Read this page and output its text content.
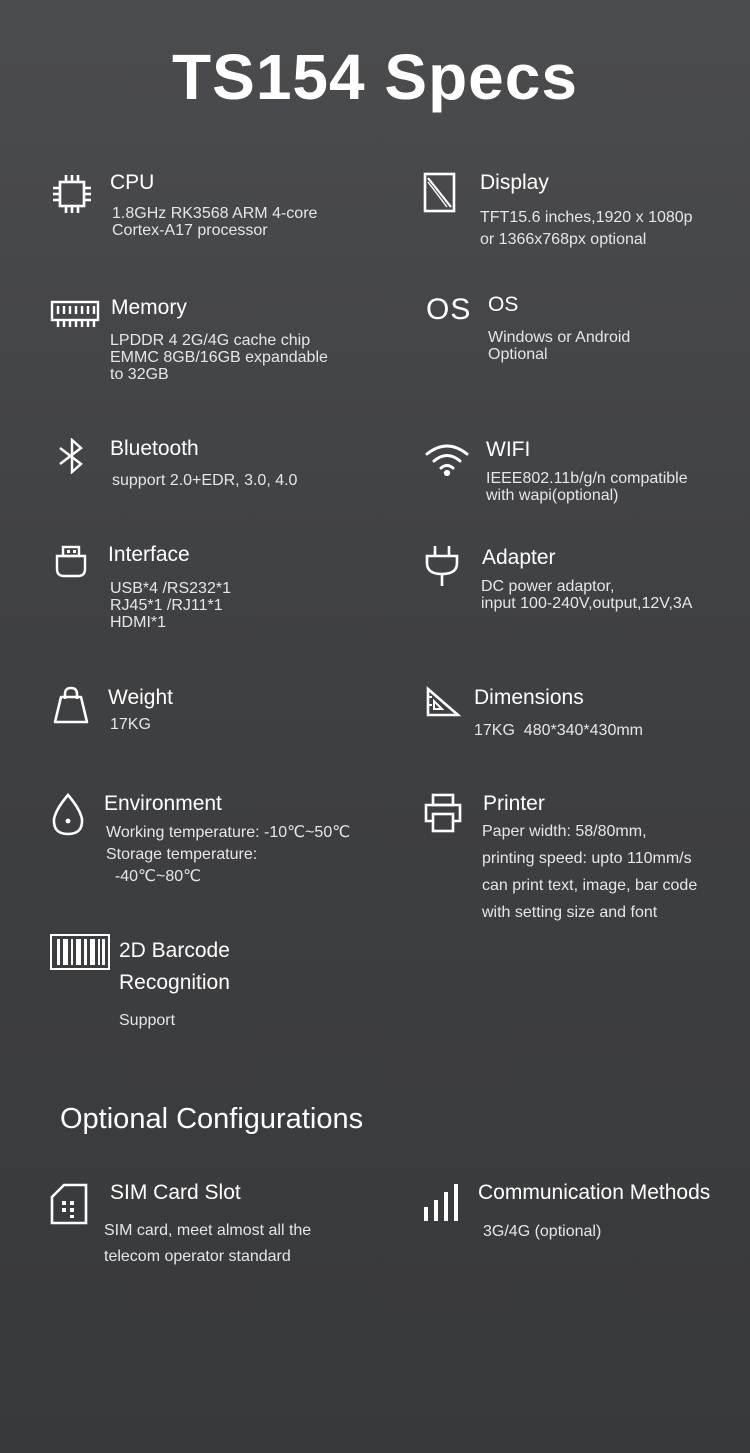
TS154 Specs
CPU
1.8GHz RK3568 ARM 4-core
Cortex-A17 processor
Display
TFT15.6 inches,1920 x 1080p
or 1366x768px optional
Memory
LPDDR 4 2G/4G cache chip
EMMC 8GB/16GB expandable
to 32GB
OS OS
Windows or Android
Optional
Bluetooth
support 2.0+EDR, 3.0, 4.0
WIFI
IEEE802.11b/g/n compatible
with wapi(optional)
Interface
USB*4 /RS232*1
RJ45*1 /RJ11*1
HDMI*1
Adapter
DC power adaptor,
input 100-240V,output,12V,3A
Weight
17KG
Dimensions
17KG  480*340*430mm
Environment
Working temperature: -10℃~50℃
Storage temperature:
-40℃~80℃
Printer
Paper width: 58/80mm,
printing speed: upto 110mm/s
can print text, image, bar code
with setting size and font
2D Barcode
Recognition
Support
Optional Configurations
SIM Card Slot
SIM card, meet almost all the
telecom operator standard
Communication Methods
3G/4G (optional)
